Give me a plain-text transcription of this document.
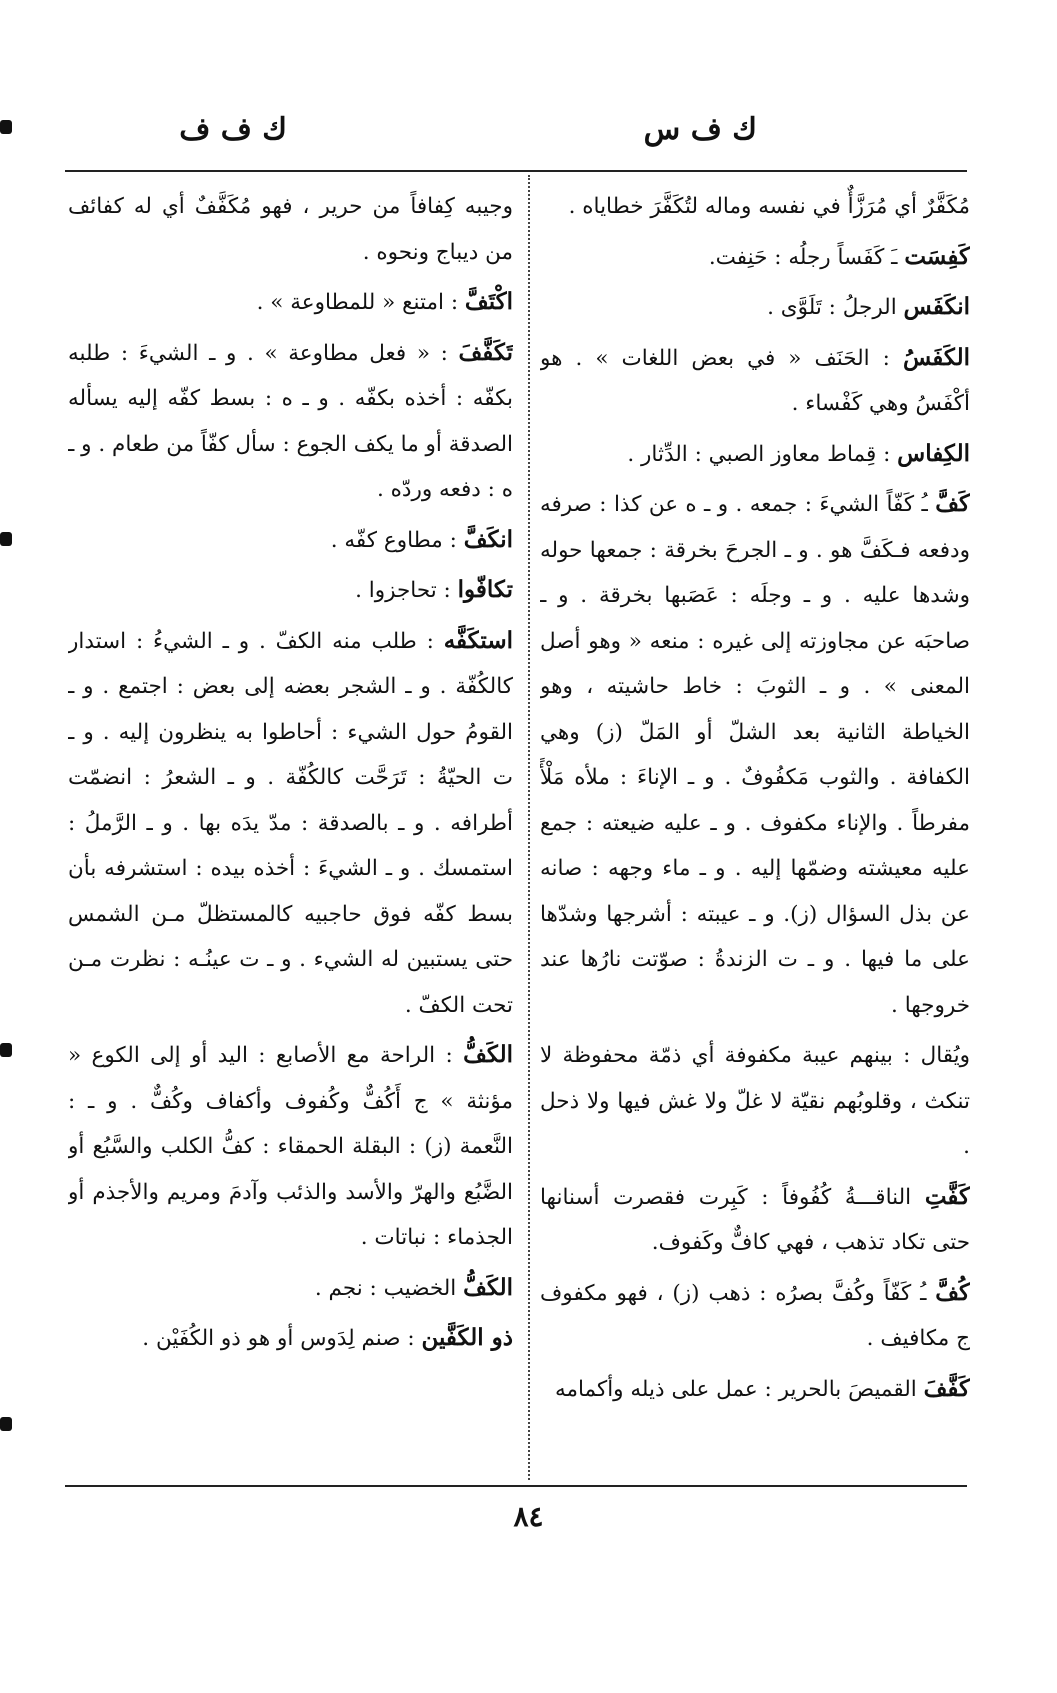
ك ف س
ك ف ف

مُكَفَّرٌ أي مُرَزَّأٌ في نفسه وماله لتُكَفَّرَ خطاياه .

كَفِسَت ـَ كَفَساً رجلُه : حَنِفت.

انكَفَس الرجلُ : تَلَوَّى .

الكَفَسُ : الحَنَف « في بعض اللغات » . هو أكْفَسُ وهي كَفْساء .

الكِفاس : قِماط معاوز الصبي : الدِّثار .

كَفَّ ـُ كَفّاً الشيءَ : جمعه . و ـ ه عن كذا : صرفه ودفعه فـكَفَّ هو . و ـ الجرحَ بخرقة : جمعها حوله وشدها عليه . و ـ وجلَه : عَصَبها بخرقة . و ـ صاحبَه عن مجاوزته إلى غيره : منعه « وهو أصل المعنى » . و ـ الثوبَ : خاط حاشيته ، وهو الخياطة الثانية بعد الشلّ أو المَلّ (ز) وهي الكفافة . والثوب مَكفُوفٌ . و ـ الإناءَ : ملأه مَلْأً مفرطاً . والإناء مكفوف . و ـ عليه ضيعته : جمع عليه معيشته وضمّها إليه . و ـ ماء وجهه : صانه عن بذل السؤال (ز). و ـ عيبته : أشرجها وشدّها على ما فيها . و ـ ت الزندةُ : صوّتت نارُها عند خروجها .

ويُقال : بينهم عيبة مكفوفة أي ذمّة محفوظة لا تنكث ، وقلوبُهم نقيّة لا غلّ ولا غش فيها ولا ذحل .

كَفَّتِ الناقـــةُ كُفُوفاً : كَبِرت فقصرت أسنانها حتى تكاد تذهب ، فهي كافٌّ وكَفوف.

كُفَّ ـُ كَفّاً وكُفَّ بصرُه : ذهب (ز) ، فهو مكفوف ج مكافيف .

كَفَّفَ القميصَ بالحرير : عمل على ذيله وأكمامه

وجيبه كِفافاً من حرير ، فهو مُكَفَّفٌ أي له كفائف من ديباج ونحوه .

اكْتَفَّ : امتنع « للمطاوعة » .

تَكَفَّفَ : « فعل مطاوعة » . و ـ الشيءَ : طلبه بكفّه : أخذه بكفّه . و ـ ه : بسط كفّه إليه يسأله الصدقة أو ما يكف الجوع : سأل كفّاً من طعام . و ـ ه : دفعه وردّه .

انكَفَّ : مطاوع كفّه .

تكافّوا : تحاجزوا .

استكَفَّه : طلب منه الكفّ . و ـ الشيءُ : استدار كالكُفّة . و ـ الشجر بعضه إلى بعض : اجتمع . و ـ القومُ حول الشيء : أحاطوا به ينظرون إليه . و ـ ت الحيّةُ : تَرَحَّت كالكُفّة . و ـ الشعرُ : انضمّت أطرافه . و ـ بالصدقة : مدّ يدَه بها . و ـ الرَّملُ : استمسك . و ـ الشيءَ : أخذه بيده : استشرفه بأن بسط كفّه فوق حاجبيه كالمستظلّ مـن الشمس حتى يستبين له الشيء . و ـ ت عينُـه : نظرت مـن تحت الكفّ .

الكَفُّ : الراحة مع الأصابع : اليد أو إلى الكوع « مؤنثة » ج أَكُفٌّ وكُفوف وأكفاف وكُفٌّ . و ـ : النَّعمة (ز) : البقلة الحمقاء : كفُّ الكلب والسَّبُع أو الضَّبُع والهرّ والأسد والذئب وآدمَ ومريم والأجذم أو الجذماء : نباتات .

الكَفُّ الخضيب : نجم .

ذو الكَفَّين : صنم لِدَوس أو هو ذو الكُفَيْن .

٨٤
